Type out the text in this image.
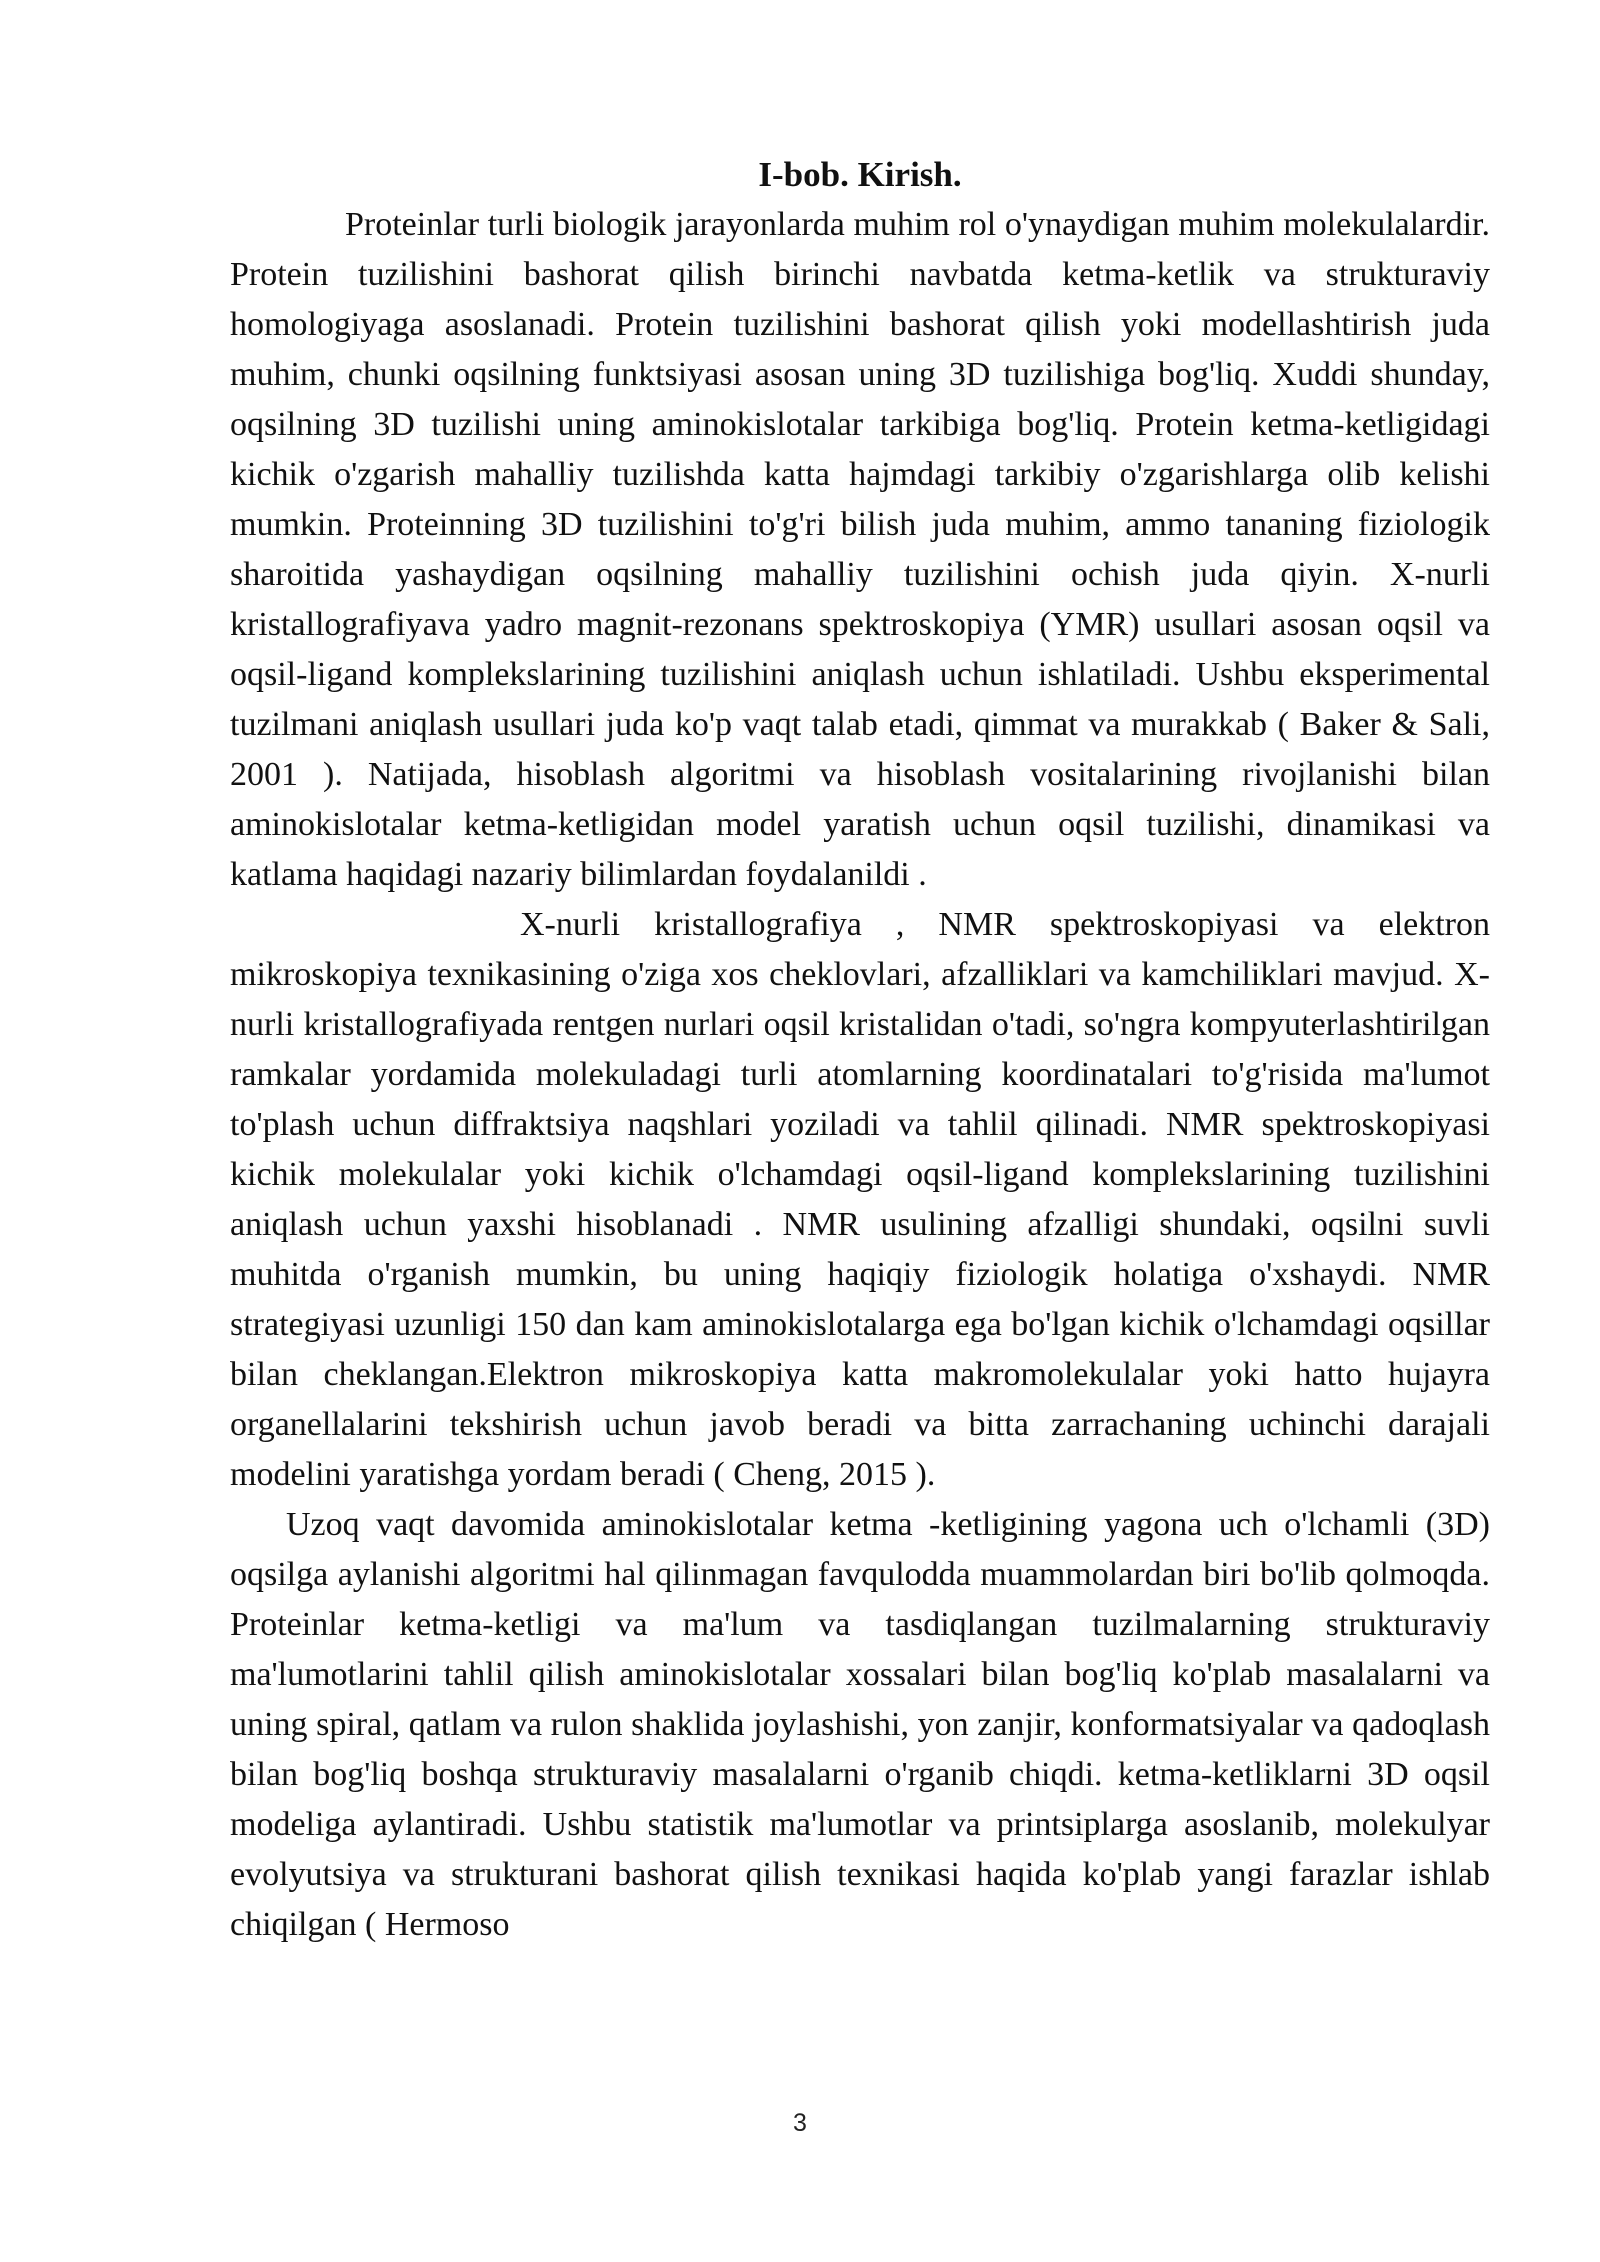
I-bob. Kirish.

Proteinlar turli biologik jarayonlarda muhim rol o'ynaydigan muhim molekulalardir. Protein tuzilishini bashorat qilish birinchi navbatda ketma-ketlik va strukturaviy homologiyaga asoslanadi. Protein tuzilishini bashorat qilish yoki modellashtirish juda muhim, chunki oqsilning funktsiyasi asosan uning 3D tuzilishiga bog'liq. Xuddi shunday, oqsilning 3D tuzilishi uning aminokislotalar tarkibiga bog'liq. Protein ketma-ketligidagi kichik o'zgarish mahalliy tuzilishda katta hajmdagi tarkibiy o'zgarishlarga olib kelishi mumkin. Proteinning 3D tuzilishini to'g'ri bilish juda muhim, ammo tananing fiziologik sharoitida yashaydigan oqsilning mahalliy tuzilishini ochish juda qiyin. X-nurli kristallografiyava yadro magnit-rezonans spektroskopiya (YMR) usullari asosan oqsil va oqsil-ligand komplekslarining tuzilishini aniqlash uchun ishlatiladi. Ushbu eksperimental tuzilmani aniqlash usullari juda ko'p vaqt talab etadi, qimmat va murakkab ( Baker & Sali, 2001 ). Natijada, hisoblash algoritmi va hisoblash vositalarining rivojlanishi bilan aminokislotalar ketma-ketligidan model yaratish uchun oqsil tuzilishi, dinamikasi va katlama haqidagi nazariy bilimlardan foydalanildi .

X-nurli kristallografiya , NMR spektroskopiyasi va elektron mikroskopiya texnikasining o'ziga xos cheklovlari, afzalliklari va kamchiliklari mavjud. X-nurli kristallografiyada rentgen nurlari oqsil kristalidan o'tadi, so'ngra kompyuterlashtirilgan ramkalar yordamida molekuladagi turli atomlarning koordinatalari to'g'risida ma'lumot to'plash uchun diffraktsiya naqshlari yoziladi va tahlil qilinadi. NMR spektroskopiyasi kichik molekulalar yoki kichik o'lchamdagi oqsil-ligand komplekslarining tuzilishini aniqlash uchun yaxshi hisoblanadi . NMR usulining afzalligi shundaki, oqsilni suvli muhitda o'rganish mumkin, bu uning haqiqiy fiziologik holatiga o'xshaydi. NMR strategiyasi uzunligi 150 dan kam aminokislotalarga ega bo'lgan kichik o'lchamdagi oqsillar bilan cheklangan.Elektron mikroskopiya katta makromolekulalar yoki hatto hujayra organellalarini tekshirish uchun javob beradi va bitta zarrachaning uchinchi darajali modelini yaratishga yordam beradi ( Cheng, 2015 ).

Uzoq vaqt davomida aminokislotalar ketma -ketligining yagona uch o'lchamli (3D) oqsilga aylanishi algoritmi hal qilinmagan favqulodda muammolardan biri bo'lib qolmoqda. Proteinlar ketma-ketligi va ma'lum va tasdiqlangan tuzilmalarning strukturaviy ma'lumotlarini tahlil qilish aminokislotalar xossalari bilan bog'liq ko'plab masalalarni va uning spiral, qatlam va rulon shaklida joylashishi, yon zanjir, konformatsiyalar va qadoqlash bilan bog'liq boshqa strukturaviy masalalarni o'rganib chiqdi. ketma-ketliklarni 3D oqsil modeliga aylantiradi. Ushbu statistik ma'lumotlar va printsiplarga asoslanib, molekulyar evolyutsiya va strukturani bashorat qilish texnikasi haqida ko'plab yangi farazlar ishlab chiqilgan ( Hermoso

3
